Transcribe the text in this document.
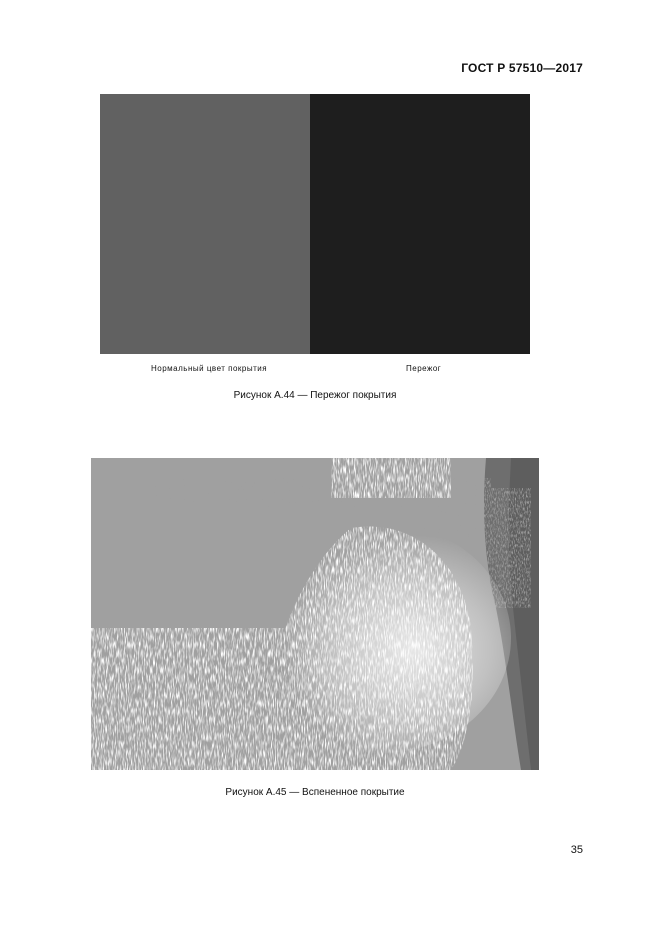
ГОСТ Р 57510—2017
Нормальный цвет покрытия	Пережог
Рисунок А.44 — Пережог покрытия
Рисунок А.45 — Вспененное покрытие
35
